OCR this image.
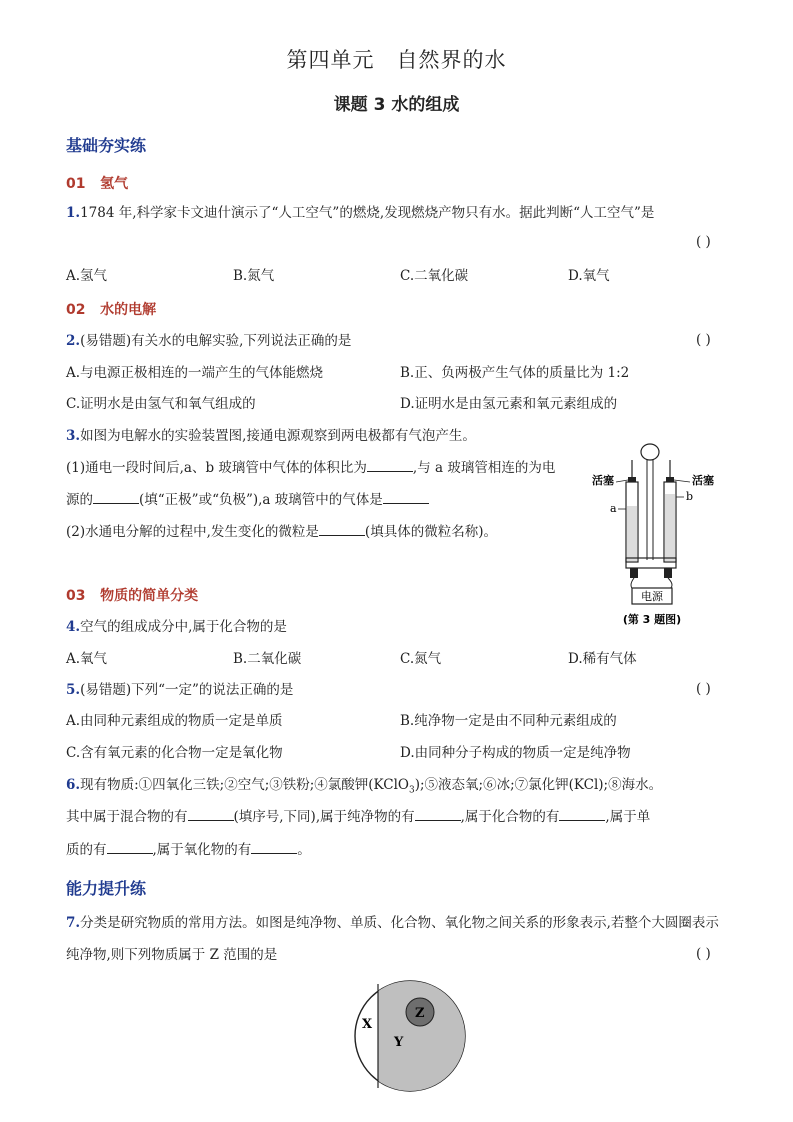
第四单元 自然界的水
课题 3 水的组成
基础夯实练
01 氢气
1.1784 年,科学家卡文迪什演示了“人工空气”的燃烧,发现燃烧产物只有水。据此判断“人工空气”是
( )
A.氢气	B.氮气	C.二氧化碳	D.氧气
02 水的电解
2.(易错题)有关水的电解实验,下列说法正确的是	( )
A.与电源正极相连的一端产生的气体能燃烧	B.正、负两极产生气体的质量比为 1:2
C.证明水是由氢气和氧气组成的	D.证明水是由氢元素和氧元素组成的
3.如图为电解水的实验装置图,接通电源观察到两电极都有气泡产生。
(1)通电一段时间后,a、b 玻璃管中气体的体积比为	,与 a 玻璃管相连的为电
源的	(填“正极”或“负极”),a 玻璃管中的气体是
(2)水通电分解的过程中,发生变化的微粒是	(填具体的微粒名称)。
电源
活塞	活塞
a
b
(第 3 题图)
03 物质的简单分类
4.空气的组成成分中,属于化合物的是
A.氧气	B.二氧化碳	C.氮气	D.稀有气体
5.(易错题)下列“一定”的说法正确的是	( )
A.由同种元素组成的物质一定是单质	B.纯净物一定是由不同种元素组成的
C.含有氧元素的化合物一定是氧化物	D.由同种分子构成的物质一定是纯净物
6.现有物质:①四氧化三铁;②空气;③铁粉;④氯酸钾(KClO$_3$);⑤液态氧;⑥冰;⑦氯化钾(KCl);⑧海水。
其中属于混合物的有	(填序号,下同),属于纯净物的有	,属于化合物的有	,属于单
质的有	,属于氧化物的有	。
能力提升练
7.分类是研究物质的常用方法。如图是纯净物、单质、化合物、氧化物之间关系的形象表示,若整个大圆圈表示
纯净物,则下列物质属于 Z 范围的是	( )
X
Y
Z
